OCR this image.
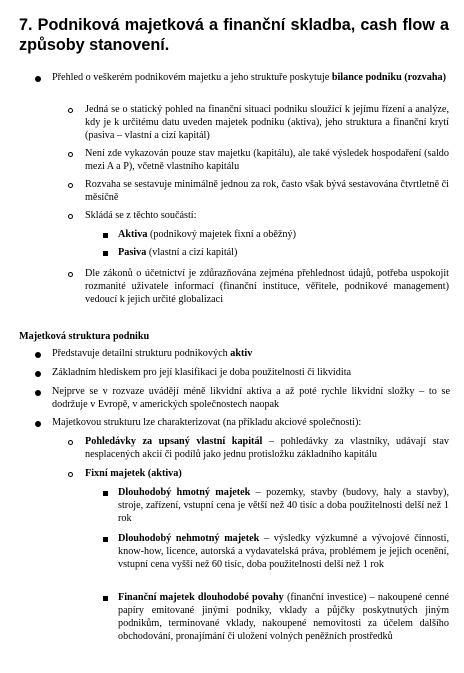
7. Podniková majetková a finanční skladba, cash flow a způsoby stanovení.
Přehled o veškerém podnikovém majetku a jeho struktuře poskytuje bilance podniku (rozvaha)
Jedná se o statický pohled na finanční situaci podniku sloužící k jejímu řízení a analýze, kdy je k určitému datu uveden majetek podniku (aktiva), jeho struktura a finanční krytí (pasiva – vlastní a cizí kapitál)
Není zde vykazován pouze stav majetku (kapitálu), ale také výsledek hospodaření (saldo mezi A a P), včetně vlastního kapitálu
Rozvaha se sestavuje minimálně jednou za rok, často však bývá sestavována čtvrtletně či měsíčně
Skládá se z těchto součástí:
Aktiva (podnikový majetek fixní a oběžný)
Pasiva (vlastní a cizí kapitál)
Dle zákonů o účetnictví je zdůrazňována zejména přehlednost údajů, potřeba uspokojit rozmanité uživatele informací (finanční instituce, věřitele, podnikové management) vedoucí k jejich určité globalizaci
Majetková struktura podniku
Představuje detailní strukturu podnikových aktiv
Základním hlediskem pro její klasifikaci je doba použitelnosti či likvidita
Nejprve se v rozvaze uvádějí méně likvidní aktiva a až poté rychle likvidní složky – to se dodržuje v Evropě, v amerických společnostech naopak
Majetkovou strukturu lze charakterizovat (na příkladu akciové společnosti):
Pohledávky za upsaný vlastní kapitál – pohledávky za vlastníky, udávají stav nesplacených akcií či podílů jako jednu protisložku základního kapitálu
Fixní majetek (aktiva)
Dlouhodobý hmotný majetek – pozemky, stavby (budovy, haly a stavby), stroje, zařízení, vstupní cena je větší než 40 tisíc a doba použitelnosti delší než 1 rok
Dlouhodobý nehmotný majetek – výsledky výzkumné a vývojové činnosti, know-how, licence, autorská a vydavatelská práva, problémem je jejich ocenění, vstupní cena vyšší než 60 tisíc, doba použitelnosti delší než 1 rok
Finanční majetek dlouhodobé povahy (finanční investice) – nakoupené cenné papíry emitované jinými podniky, vklady a půjčky poskytnutých jiným podnikům, terminované vklady, nakoupené nemovitosti za účelem dalšího obchodování, pronajímání či uložení volných peněžních prostředků
